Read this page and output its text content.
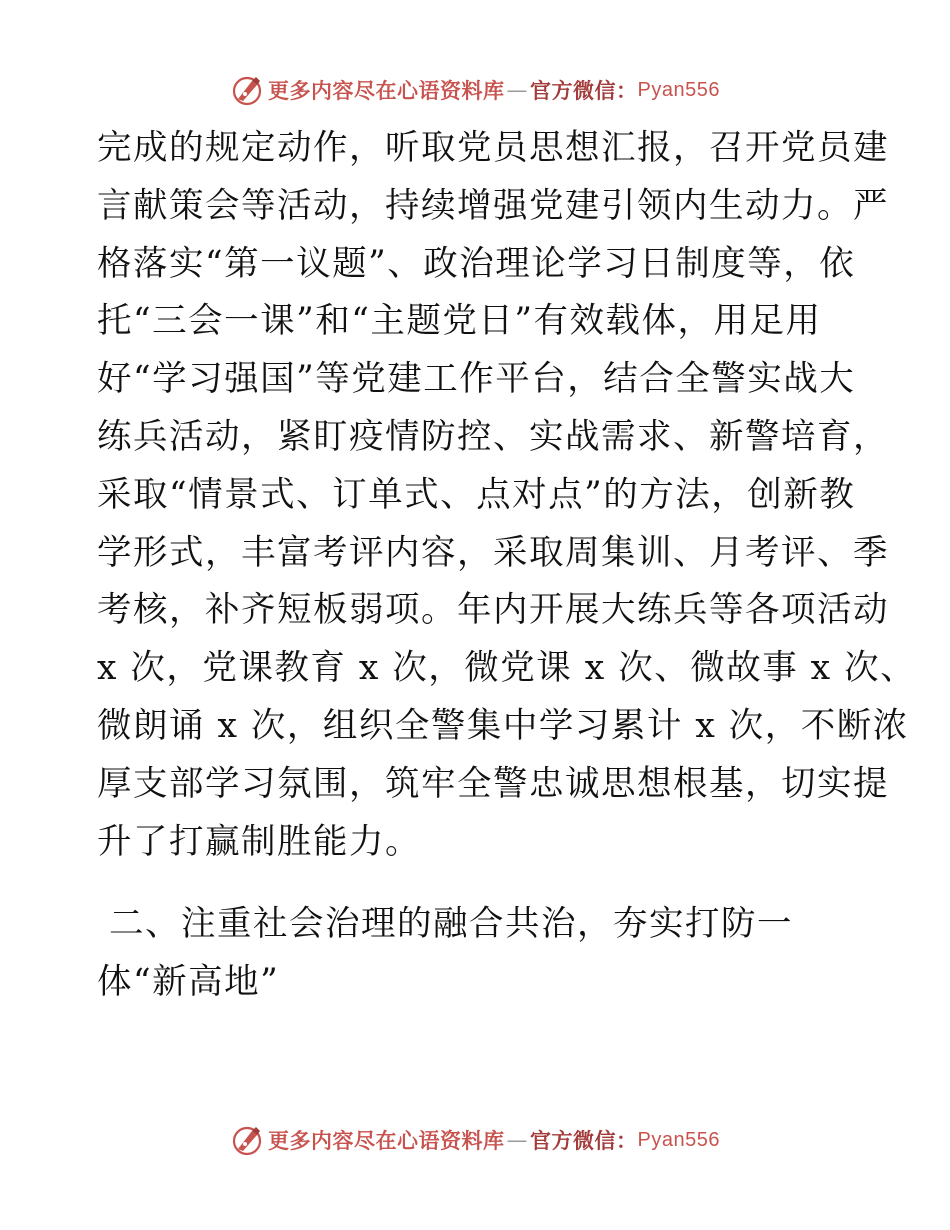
更多内容尽在心语资料库 — 官方微信： Pyan556
完成的规定动作，听取党员思想汇报，召开党员建
言献策会等活动，持续增强党建引领内生动力。严
格落实“第一议题”、政治理论学习日制度等，依
托“三会一课”和“主题党日”有效载体，用足用
好“学习强国”等党建工作平台，结合全警实战大
练兵活动，紧盯疫情防控、实战需求、新警培育，
采取“情景式、订单式、点对点”的方法，创新教
学形式，丰富考评内容，采取周集训、月考评、季
考核，补齐短板弱项。年内开展大练兵等各项活动
x 次，党课教育 x 次，微党课 x 次、微故事 x 次、
微朗诵 x 次，组织全警集中学习累计 x 次，不断浓
厚支部学习氛围，筑牢全警忠诚思想根基，切实提
升了打赢制胜能力。
二、注重社会治理的融合共治，夯实打防一
体“新高地”
更多内容尽在心语资料库 — 官方微信： Pyan556
